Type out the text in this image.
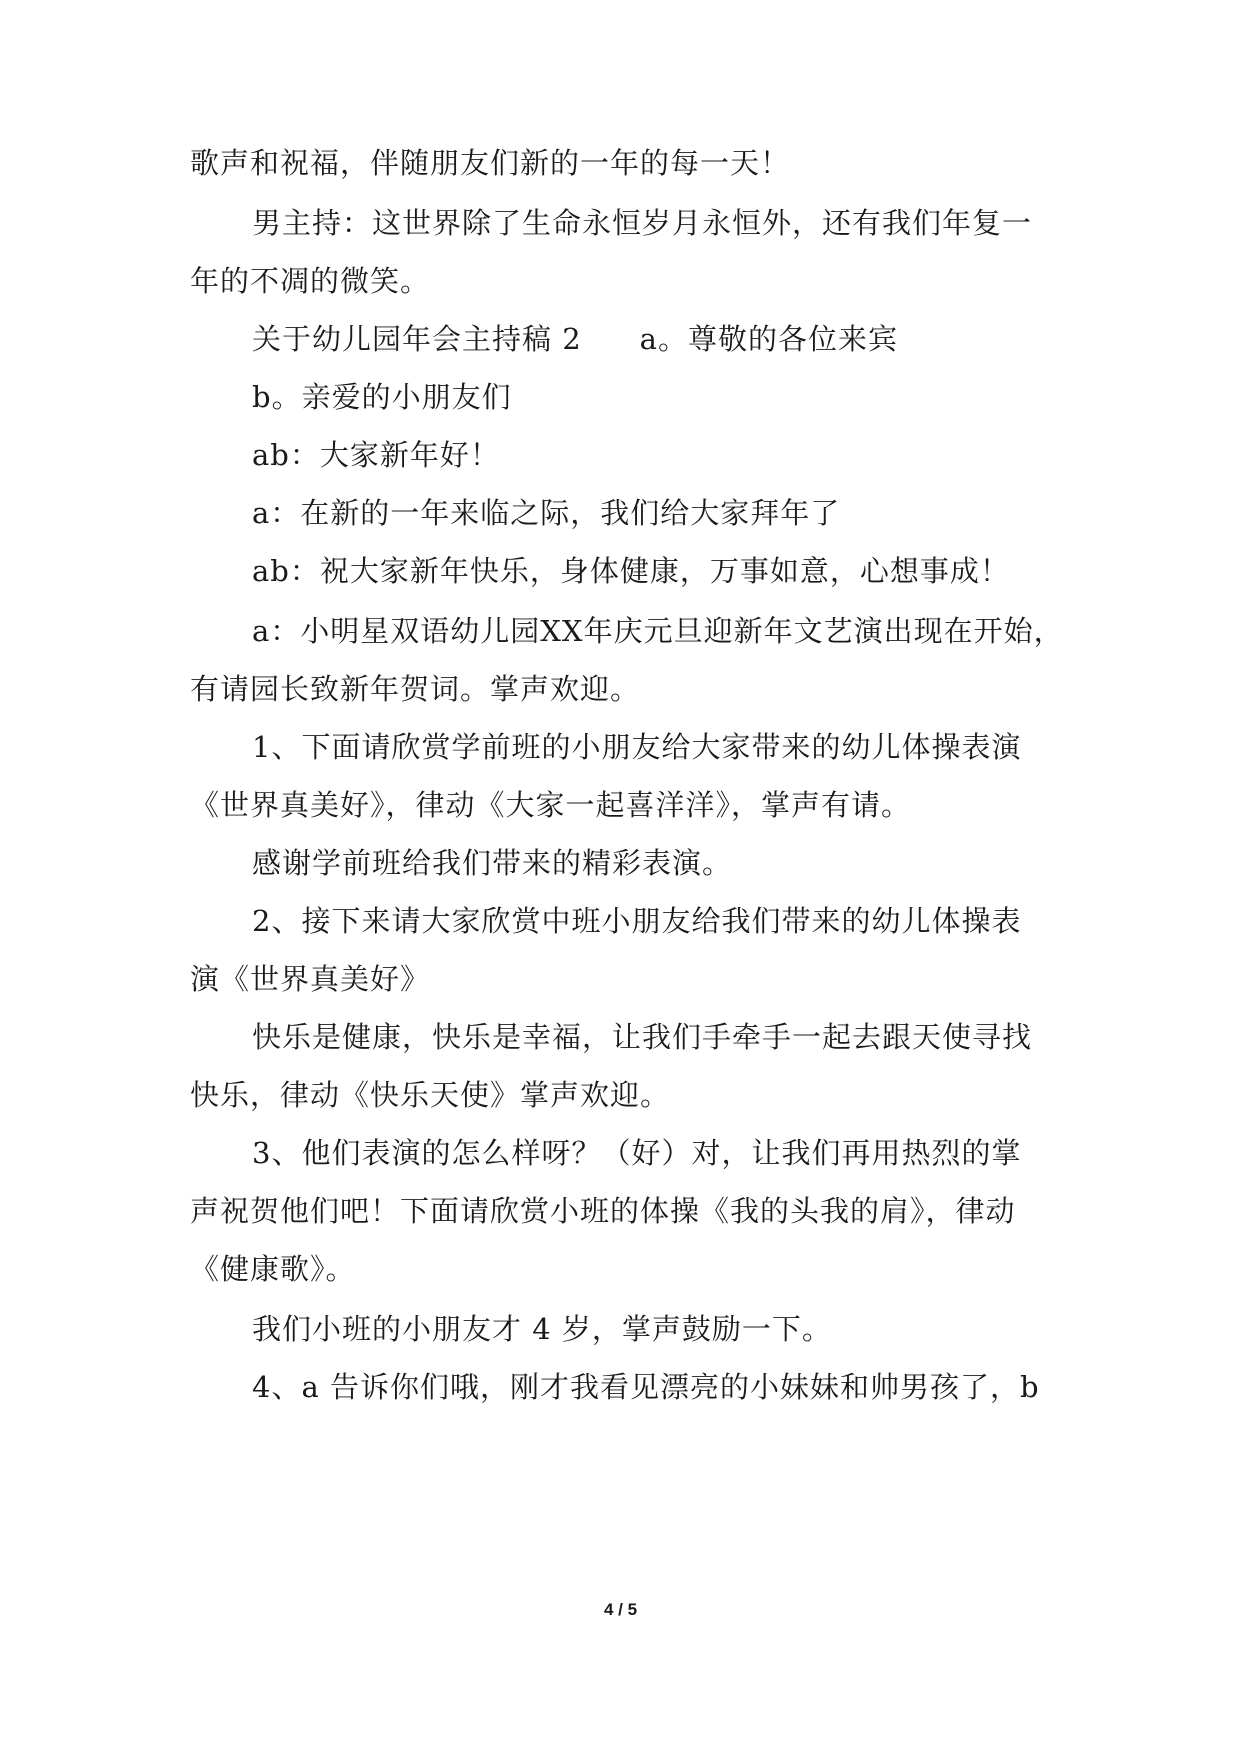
歌声和祝福，伴随朋友们新的一年的每一天！
男主持：这世界除了生命永恒岁月永恒外，还有我们年复一
年的不凋的微笑。
关于幼儿园年会主持稿 2 a。尊敬的各位来宾
b。亲爱的小朋友们
ab：大家新年好！
a：在新的一年来临之际，我们给大家拜年了
ab：祝大家新年快乐，身体健康，万事如意，心想事成！
a：小明星双语幼儿园XX年庆元旦迎新年文艺演出现在开始，
有请园长致新年贺词。掌声欢迎。
1、下面请欣赏学前班的小朋友给大家带来的幼儿体操表演
《世界真美好》，律动《大家一起喜洋洋》，掌声有请。
感谢学前班给我们带来的精彩表演。
2、接下来请大家欣赏中班小朋友给我们带来的幼儿体操表
演《世界真美好》
快乐是健康，快乐是幸福，让我们手牵手一起去跟天使寻找
快乐，律动《快乐天使》掌声欢迎。
3、他们表演的怎么样呀？（好）对，让我们再用热烈的掌
声祝贺他们吧！下面请欣赏小班的体操《我的头我的肩》，律动
《健康歌》。
我们小班的小朋友才 4 岁，掌声鼓励一下。
4、a 告诉你们哦，刚才我看见漂亮的小妹妹和帅男孩了，b
4 / 5
